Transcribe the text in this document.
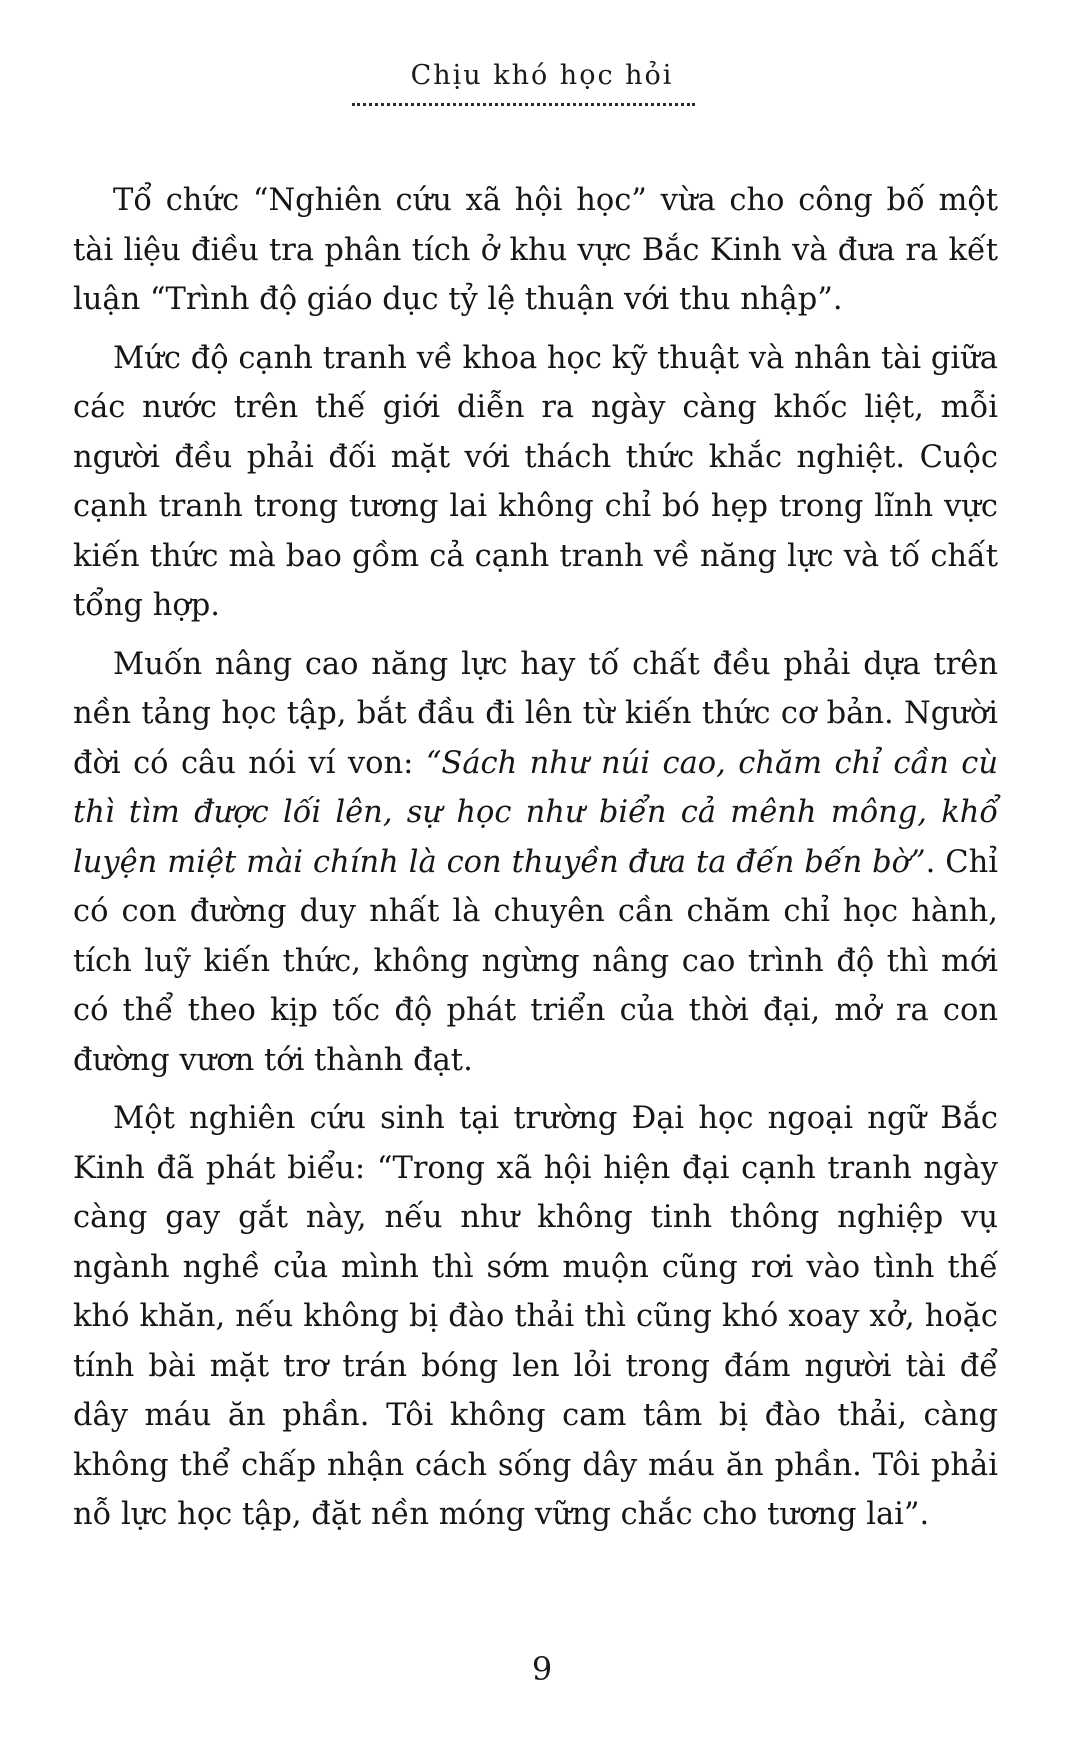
Chịu khó học hỏi

Tổ chức “Nghiên cứu xã hội học” vừa cho công bố một tài liệu điều tra phân tích ở khu vực Bắc Kinh và đưa ra kết luận “Trình độ giáo dục tỷ lệ thuận với thu nhập”.

Mức độ cạnh tranh về khoa học kỹ thuật và nhân tài giữa các nước trên thế giới diễn ra ngày càng khốc liệt, mỗi người đều phải đối mặt với thách thức khắc nghiệt. Cuộc cạnh tranh trong tương lai không chỉ bó hẹp trong lĩnh vực kiến thức mà bao gồm cả cạnh tranh về năng lực và tố chất tổng hợp.

Muốn nâng cao năng lực hay tố chất đều phải dựa trên nền tảng học tập, bắt đầu đi lên từ kiến thức cơ bản. Người đời có câu nói ví von: “Sách như núi cao, chăm chỉ cần cù thì tìm được lối lên, sự học như biển cả mênh mông, khổ luyện miệt mài chính là con thuyền đưa ta đến bến bờ”. Chỉ có con đường duy nhất là chuyên cần chăm chỉ học hành, tích luỹ kiến thức, không ngừng nâng cao trình độ thì mới có thể theo kịp tốc độ phát triển của thời đại, mở ra con đường vươn tới thành đạt.

Một nghiên cứu sinh tại trường Đại học ngoại ngữ Bắc Kinh đã phát biểu: “Trong xã hội hiện đại cạnh tranh ngày càng gay gắt này, nếu như không tinh thông nghiệp vụ ngành nghề của mình thì sớm muộn cũng rơi vào tình thế khó khăn, nếu không bị đào thải thì cũng khó xoay xở, hoặc tính bài mặt trơ trán bóng len lỏi trong đám người tài để dây máu ăn phần. Tôi không cam tâm bị đào thải, càng không thể chấp nhận cách sống dây máu ăn phần. Tôi phải nỗ lực học tập, đặt nền móng vững chắc cho tương lai”.

9
